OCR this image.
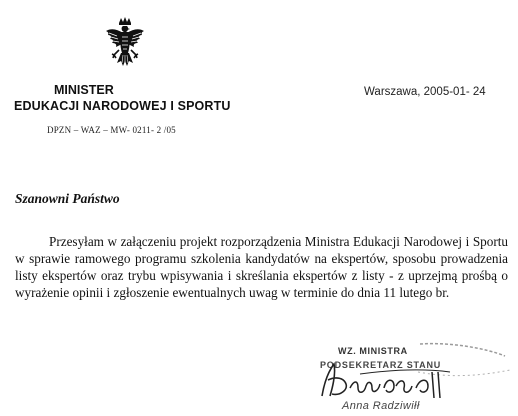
MINISTER
EDUKACJI NARODOWEJ I SPORTU
Warszawa, 2005-01- 24
DPZN – WAZ – MW- 0211- 2 /05
Szanowni Państwo

Przesyłam w załączeniu projekt rozporządzenia Ministra Edukacji Narodowej i Sportu w sprawie ramowego programu szkolenia kandydatów na ekspertów, sposobu prowadzenia listy ekspertów oraz trybu wpisywania i skreślania ekspertów z listy - z uprzejmą prośbą o wyrażenie opinii i zgłoszenie ewentualnych uwag w terminie do dnia 11 lutego br.

WZ. MINISTRA
PODSEKRETARZ STANU
Anna Radziwiłł
